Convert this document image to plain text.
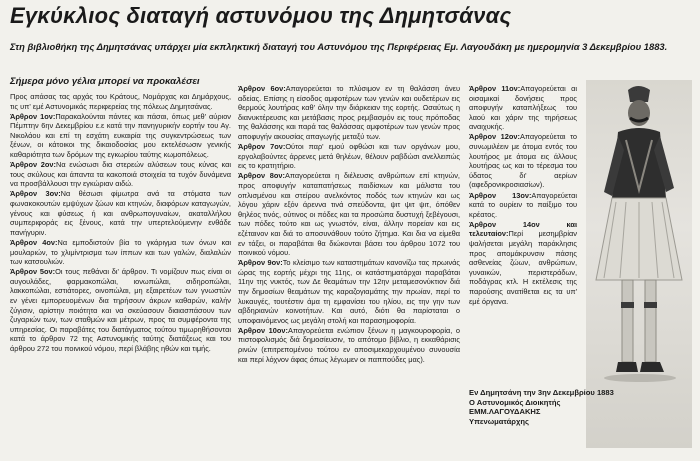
Εγκύκλιος διαταγή αστυνόμου της Δημητσάνας
Στη βιβλιοθήκη της Δημητσάνας υπάρχει μία εκπληκτική διαταγή του Αστυνόμου της Περιφέρειας Εμ. Λαγουδάκη με ημερομηνία 3 Δεκεμβρίου 1883.
Σήμερα μόνο γέλια μπορεί να προκαλέσει

Προς απάσας τας αρχάς του Κράτους, Νομάρχας και Δημάρχους, τις υπ' εμέ Αστυνομικάς περιφερείας της πόλεως Δημητσάνας.

Άρθρον 1ον:Παρακαλούνται πάντες και πάσαι, όπως μεθ' αύριον Πέμπτην 6ην Δεκεμβρίου ε.ε κατά την πανηγυρικήν εορτήν του Αγ. Νικολάου και επί τη εσχάτη ευκαιρία της συγκεντρώσεως των ξένων, οι κάτοικοι της δικαιοδοσίας μου εκτελέσωσιν γενικής καθαριότητα των δρόμων της εγκωρίου ταύτης κωμοπόλεως.

Άρθρον 2ον:Να ενώσωσι δια στερεών αλύσεων τους κύνας και τους σκύλους και άπαντα τα κακοποιά στοιχεία τα τυχόν δυνάμενα να προσβάλλουσι την εγκώριαν αιδώ.

Άρθρον 3ον:Να θέσωσι φίμωτρα ανά τα στόματα των φωνακοκουτών εμψύχων ζώων και κτηνών, διαφόρων καταγωγών, γένους και φύσεως ή και ανθρωπογυναίων, ακαταλλήλου συμπεριφοράς εις ξένους, κατά την υπερτελούμενην ενθάδε πανήγυριν.

Άρθρον 4ον:Να εμποδιστούν βία το γκάριγμα των όνων και μουλαριών, το χλιμίντρισμα των ίππων και των γαλών, διαλαλών των κατσουλιών.

Άρθρον 5ον:Οι τους πεθάναι δι' άρθρον. Τι νομίζουν πως είναι οι αυγουλάδες, φαρμακοπώλαι, ιονωπώλαι, σιδηροπώλαι, λακκοπώλαι, εστιάτορες, οινοπώλαι, μη εξαιρετέων των γνωστών εν γένει εμπορευομένων δια τηρήσουν άκρων καθαρών, καλήν ζύγισιν, αρίστην ποιότητα και να σκεύασουν διαιασπάσουν των ζυγαριών των, των σταθμών και μέτρων, προς τα συμφέροντα της υπηρεσίας. Οι παραβάτες του διατάγματος τούτου τιμωρηθήσονται κατά το άρθρον 72 της Αστυνομικής ταύτης διατάξεως και του άρθρου 272 του ποινικού νόμου, περί βλάβης ηθών και τιμής.

Άρθρον 6ον:Απαγορεύεται το πλύσιμον εν τη θαλάσση άνευ αδείας. Επίσης η είσοδος αμφοτέρων των γενών και ουδετέρων εις θερμούς λουτήρας καθ' όλην την διάρκειαν της εορτής. Ωσαύτως η διανυκτέρευσις και μετάβασις προς ρεμβασμόν εις τους πρόποδας της θαλάσσης και παρά τας θαλάσσας αμφοτέρων των γενών προς αποφυγήν ακουσίας απαγωγής μεταξύ των.

Άρθρον 7ον:Ούτοι παρ' εμού οφθώσι και των οργάνων μου, εργολαβούντες άρρενες μετά θηλέων, θέλουν ραβδώσι ανελλειπώς εις το κρατητήριο.

Άρθρον 8ον:Απαγορεύεται η διέλευσις ανθρώπων επί κτηνών, προς αποφυγήν καταπατήσεως παιδίσκων και μάλιστα του οπλισμένου και στείρου ανελκόντος ποδός των κτηνών και ως λόγου χάριν εξόν άρεννα τινά σπεύδοντα, ψιτ ψιτ ψιτ, όπόθεν θηλέος τινός, ούτινος οι πόδες και τα προσώπα δυστυχή ξεβέγουσι, των πόδες τούτο και ως γνωστόν, είναι, άλλην πορείαν και εις εζέταινον και διά το αποσυνάθουν τούτο ζήτημα. Και δια να είμεθα εν τάξει, οι παραβάται θα διώκονται βάσει του άρθρου 1072 του ποινικού νόμου.

Άρθρον 9ον:Το κλείσιμο των καταστημάτων κανονίζω τας πρωινάς ώρας της εορτής μέχρι της 11ης, οι κατάστηματάρχαι παραβάται 11ην της νυκτός, των Δε θεαμάτων την 12ην μεταμεσονύκτιον διά την δημοσίων θεαμάτων της καραζογιαμάτης την πρωίαν, περί το λυκαυγές, τουτέστιν άμα τη εμφανίσει του ηλίου, εις την γην των αβδηριανών κοινοτήτων. Και αυτό, διότι θα παρίσταται ο υποφαινόμενος ως μεγάλη στολή και παρασημοφορία.

Άρθρον 10ον:Απαγορεύεται ενώπιον ξένων η μαγκουροφορία, ο πιστοφολισμός διά δημοσίευσιν, το απότομο βίβλιο, η εκκαθάρισις ρινών (επιτρεπομένου τούτου εν αποσιμεκαρχουμένου συνουσία και περί λόχνον άφας όπως λέγωμεν οι παππούδες μας).

Άρθρον 11ον:Απαγορεύεται αι οισαμικαί δονήσεις προς αποφυγήν καταπλήξεως του λαού και χάριν της τηρήσεως αναιχυκής.

Άρθρον 12ον:Απαγορεύεται το συνωμιλέειν με άτομα εντός του λουτήρος με άτομα εις άλλους λουτήρας ως και το τέρεσμα του ύδατος δι' αερίων (αφεδρονικροσιασίων).

Άρθρον 13ον:Απαγορεύεται κατά το ουρίειν το παίξιμο του κρέατος.

Άρθρον 14ον και τελευταίον:Περί μεσημβρίαν ψαλήσεται μεγάλη παράκλησις προς απομάκρυνσιν πάσης ασθενείας ζώων, ανθρώπων, γυναικών, περιστεράδων, ποδάγρας κτλ. Η εκτέλεσις της παρούσης ανατίθεται εις τα υπ' εμέ όργανα.

Εν Δημητσάνη την 3ην Δεκεμβρίου 1883
Ο Αστυνομικός Διοικητής
ΕΜΜ.ΛΑΓΟΥΔΑΚΗΣ
Υπενωματάρχης
